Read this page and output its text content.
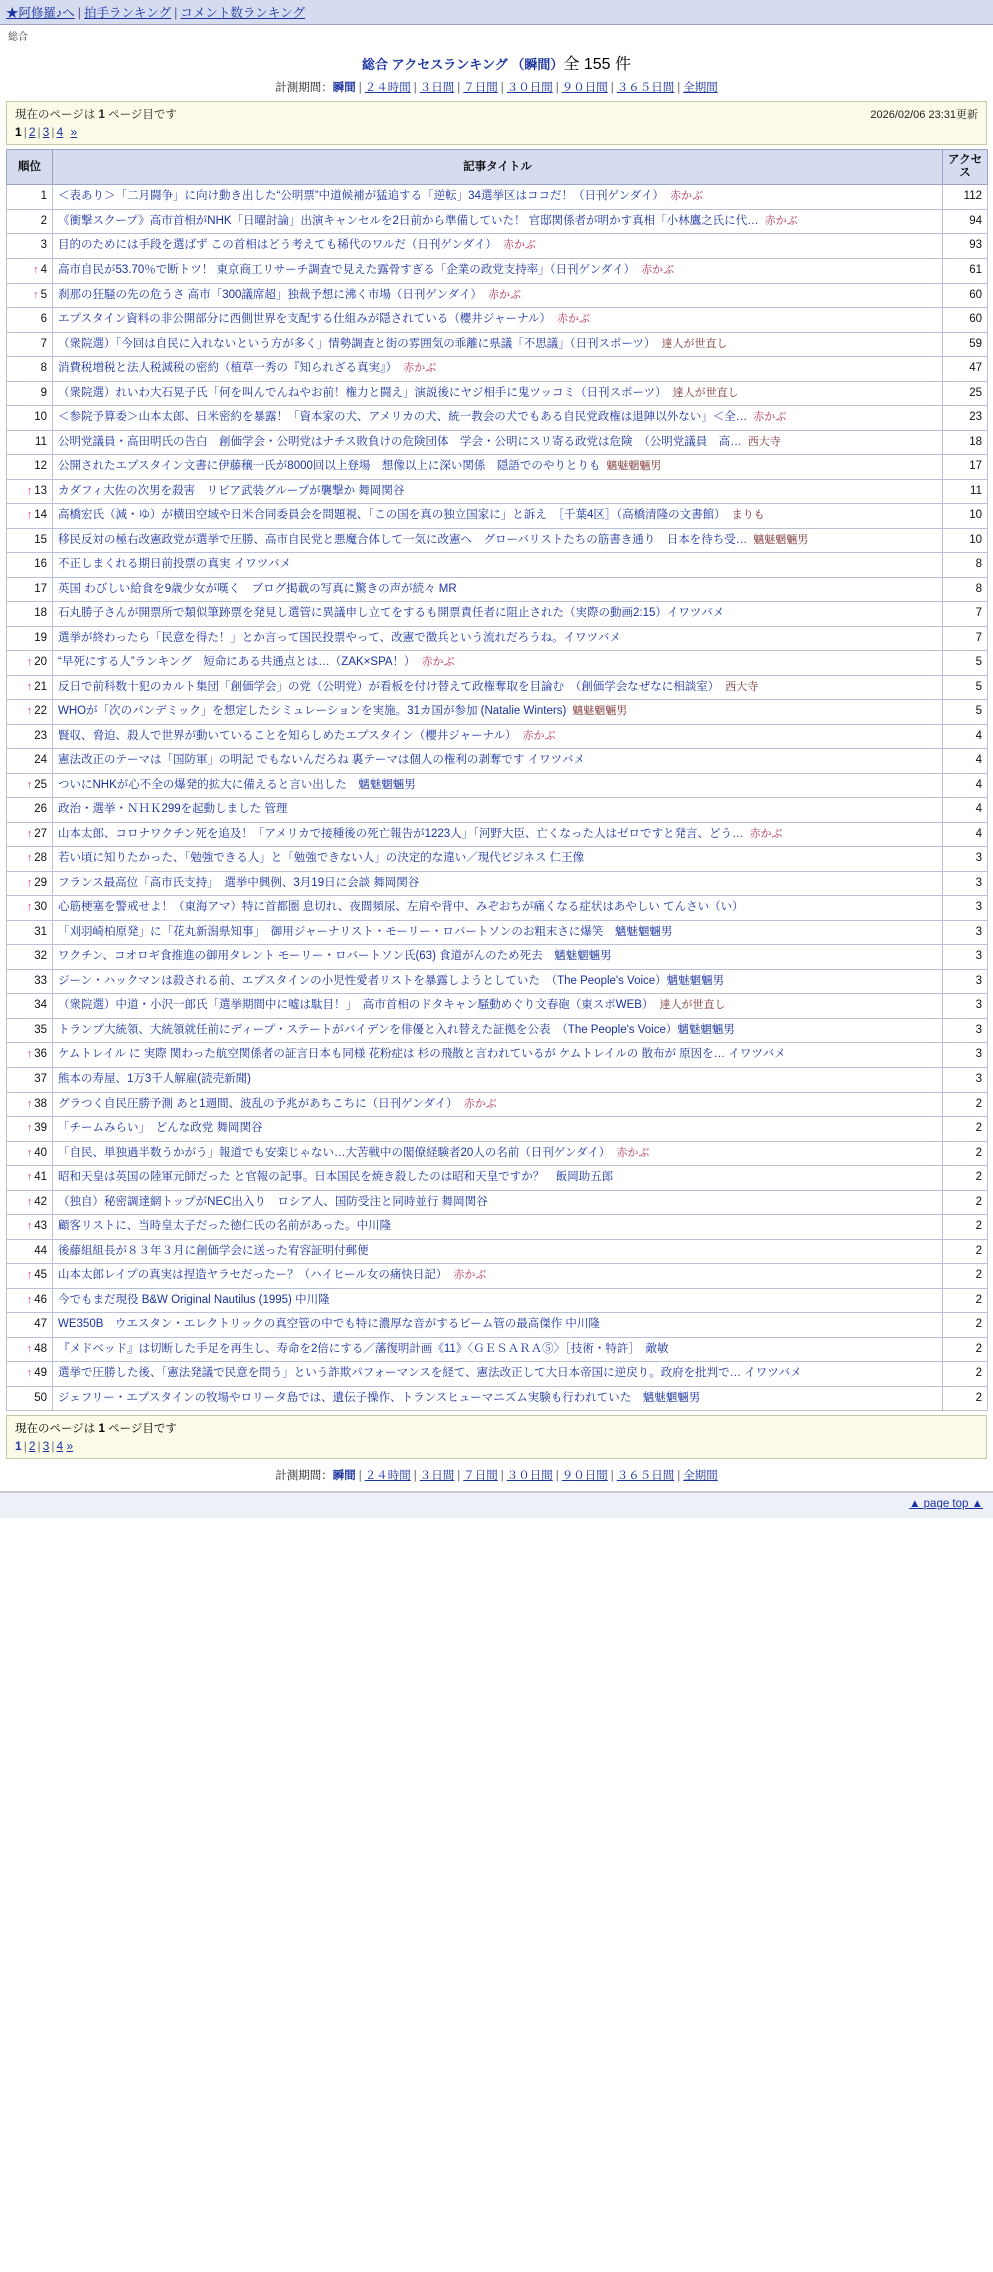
★阿修羅♪へ | 拍手ランキング | コメント数ランキング
総合
総合 アクセスランキング （瞬間）全 155 件
計測期間：瞬間 | ２４時間 | ３日間 | ７日間 | ３０日間 | ９０日間 | ３６５日間 | 全期間
2026/02/06 23:31更新
現在のページは 1 ページ目です
1 | 2 | 3 | 4 »
順位	記事タイトル	アクセス
1	＜表あり＞「二月闘争」に向け動き出した“公明票”中道候補が猛追する「逆転」34選挙区はココだ！（日刊ゲンダイ） 赤かぶ	112
2	《衝撃スクープ》高市首相がNHK「日曜討論」出演キャンセルを2日前から準備していた！ 官邸関係者が明かす真相「小林鷹之氏に代… 赤かぶ	94
3	目的のためには手段を選ばず この首相はどう考えても稀代のワルだ（日刊ゲンダイ） 赤かぶ	93
↑ 4	高市自民が53.70％で断トツ！ 東京商工リサーチ調査で見えた露骨すぎる「企業の政党支持率」（日刊ゲンダイ） 赤かぶ	61
↑ 5	刹那の狂騒の先の危うさ 高市「300議席超」独裁予想に沸く市場（日刊ゲンダイ） 赤かぶ	60
6	エプスタイン資料の非公開部分に西側世界を支配する仕組みが隠されている（櫻井ジャーナル） 赤かぶ	60
7	（衆院選）「今回は自民に入れないという方が多く」情勢調査と街の雰囲気の乖離に県議「不思議」（日刊スポーツ） 達人が世直し	59
8	消費税増税と法人税減税の密約（植草一秀の『知られざる真実』） 赤かぶ	47
9	（衆院選）れいわ大石晃子氏「何を叫んでんねやお前！権力と闘え」演説後にヤジ相手に鬼ツッコミ（日刊スポーツ） 達人が世直し	25
10	＜参院予算委＞山本太郎、日米密約を暴露！「資本家の犬、アメリカの犬、統一教会の犬でもある自民党政権は退陣以外ない」＜全… 赤かぶ	23
11	公明党議員・高田明氏の告白　創価学会・公明党はナチス敗負けの危険団体　学会・公明にスリ寄る政党は危険　（公明党議員　高… 西大寺	18
12	公開されたエプスタイン文書に伊藤穣一氏が8000回以上登場　想像以上に深い関係　隠語でのやりとりも 魑魅魍魎男	17
↑ 13	カダフィ大佐の次男を殺害　リビア武装グループが襲撃か 舞岡関谷	11
↑ 14	高橋宏氏（減・ゆ）が横田空域や日米合同委員会を問題視、「この国を真の独立国家に」と訴え　［千葉4区］（高橋清隆の文書館） まりも	10
15	移民反対の極右改憲政党が選挙で圧勝、高市自民党と悪魔合体して一気に改憲へ　グローバリストたちの筋書き通り　日本を待ち受… 魑魅魍魎男	10
16	不正しまくれる期日前投票の真実 イワツバメ	8
17	英国 わびしい給食を9歳少女が嘆く　ブログ掲載の写真に驚きの声が続々 MR	8
18	石丸勝子さんが開票所で類似筆跡票を発見し選管に異議申し立てをするも開票責任者に阻止された（実際の動画2:15）イワツバメ	7
19	選挙が終わったら「民意を得た！」とか言って国民投票やって、改憲で徴兵という流れだろうね。イワツバメ	7
↑ 20	“早死にする人”ランキング　短命にある共通点とは…（ZAK×SPA！） 赤かぶ	5
↑ 21	反日で前科数十犯のカルト集団「創価学会」の党（公明党）が看板を付け替えて政権奪取を目論む　（創価学会なぜなに相談室） 西大寺	5
↑ 22	WHOが「次のパンデミック」を想定したシミュレーションを実施。31カ国が参加 (Natalie Winters) 魑魅魍魎男	5
23	賢収、脅迫、殺人で世界が動いていることを知らしめたエプスタイン（櫻井ジャーナル） 赤かぶ	4
24	憲法改正のテーマは「国防軍」の明記 でもないんだろね 裏テーマは個人の権利の剥奪です イワツバメ	4
↑ 25	ついにNHKが心不全の爆発的拡大に備えると言い出した　魑魅魍魎男	4
26	政治・選挙・ＮＨＫ299を起動しました 管理	4
↑ 27	山本太郎、コロナワクチン死を追及！「アメリカで接種後の死亡報告が1223人」「河野大臣、亡くなった人はゼロですと発言、どう… 赤かぶ	4
↑ 28	若い頃に知りたかった、「勉強できる人」と「勉強できない人」の決定的な違い／現代ビジネス 仁王像	3
↑ 29	フランス最高位「高市氏支持」　選挙中興例、3月19日に会談 舞岡関谷	3
↑ 30	心筋梗塞を警戒せよ！（東海アマ）特に首都圏 息切れ、夜間頻尿、左肩や背中、みぞおちが痛くなる症状はあやしい てんさい（い）	3
31	「刈羽崎柏原発」に「花丸新潟県知事」　御用ジャーナリスト・モーリー・ロバートソンのお粗末さに爆笑　魑魅魍魎男	3
32	ワクチン、コオロギ食推進の御用タレント モーリー・ロバートソン氏(63) 食道がんのため死去　魑魅魍魎男	3
33	ジーン・ハックマンは殺される前、エプスタインの小児性愛者リストを暴露しようとしていた　（The People's Voice）魑魅魍魎男	3
34	（衆院選）中道・小沢一郎氏「選挙期間中に嘘は駄目！」　高市首相のドタキャン騒動めぐり文春砲（東スポWEB） 達人が世直し	3
35	トランプ大統領、大統領就任前にディープ・ステートがバイデンを俳優と入れ替えた証拠を公表　（The People's Voice）魑魅魍魎男	3
↑ 36	ケムトレイル に 実際 関わった航空関係者の証言日本も同様 花粉症は 杉の飛散と言われているが ケムトレイルの 散布が 原因を… イワツバメ	3
37	熊本の寿屋、1万3千人解雇(読売新聞)	3
↑ 38	グラつく自民圧勝予測 あと1週間、波乱の予兆があちこちに（日刊ゲンダイ） 赤かぶ	2
↑ 39	「チームみらい」　どんな政党 舞岡関谷	2
↑ 40	「自民、単独過半数うかがう」報道でも安楽じゃない…大苦戦中の閣僚経験者20人の名前（日刊ゲンダイ） 赤かぶ	2
↑ 41	昭和天皇は英国の陸軍元師だった と官報の記事。日本国民を焼き殺したのは昭和天皇ですか？　飯岡助五郎	2
↑ 42	（独自）秘密調達網トップがNEC出入り　ロシア人、国防受注と同時並行 舞岡関谷	2
↑ 43	顧客リストに、当時皇太子だった徳仁氏の名前があった。中川隆	2
44	後藤組組長が８３年３月に創価学会に送った宥容証明付郵便	2
↑ 45	山本太郎レイプの真実は捏造ヤラセだったー？（ハイヒール女の痛快日記） 赤かぶ	2
↑ 46	今でもまだ現役 B&W Original Nautilus (1995) 中川隆	2
47	WE350B　ウエスタン・エレクトリックの真空管の中でも特に濃厚な音がするビーム管の最高傑作 中川隆	2
↑ 48	『メドベッド』は切断した手足を再生し、寿命を2倍にする／藩復明計画《11》〈ＧＥＳＡＲＡ⑤〉［技術・特許］　敵敏	2
↑ 49	選挙で圧勝した後、「憲法発議で民意を問う」という詐欺パフォーマンスを経て、憲法改正して大日本帝国に逆戻り。政府を批判で… イワツバメ	2
50	ジェフリー・エプスタインの牧場やロリータ島では、遺伝子操作、トランスヒューマニズム実験も行われていた　魑魅魍魎男	2
現在のページは 1 ページ目です
1 | 2 | 3 | 4 »
計測期間：瞬間 | ２４時間 | ３日間 | ７日間 | ３０日間 | ９０日間 | ３６５日間 | 全期間
▲ page top ▲
